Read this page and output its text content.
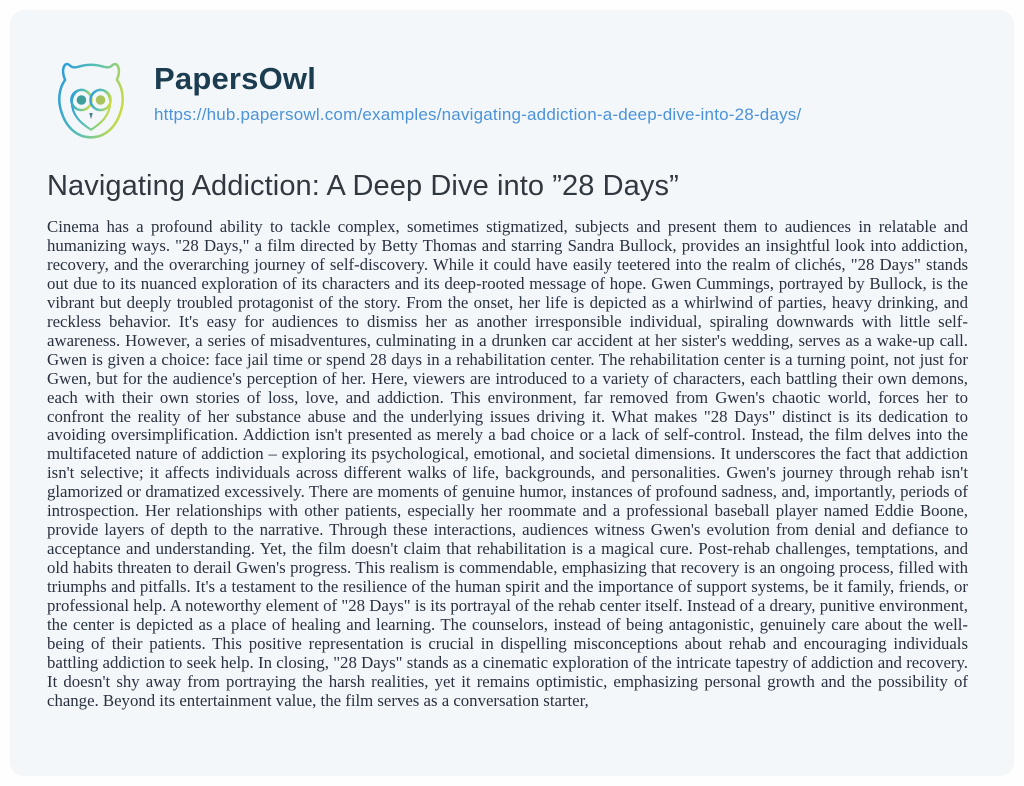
PapersOwl
https://hub.papersowl.com/examples/navigating-addiction-a-deep-dive-into-28-days/
Navigating Addiction: A Deep Dive into ”28 Days”

Cinema has a profound ability to tackle complex, sometimes stigmatized, subjects and present them to audiences in relatable and humanizing ways. "28 Days," a film directed by Betty Thomas and starring Sandra Bullock, provides an insightful look into addiction, recovery, and the overarching journey of self-discovery. While it could have easily teetered into the realm of clichés, "28 Days" stands out due to its nuanced exploration of its characters and its deep-rooted message of hope. Gwen Cummings, portrayed by Bullock, is the vibrant but deeply troubled protagonist of the story. From the onset, her life is depicted as a whirlwind of parties, heavy drinking, and reckless behavior. It's easy for audiences to dismiss her as another irresponsible individual, spiraling downwards with little self-awareness. However, a series of misadventures, culminating in a drunken car accident at her sister's wedding, serves as a wake-up call. Gwen is given a choice: face jail time or spend 28 days in a rehabilitation center. The rehabilitation center is a turning point, not just for Gwen, but for the audience's perception of her. Here, viewers are introduced to a variety of characters, each battling their own demons, each with their own stories of loss, love, and addiction. This environment, far removed from Gwen's chaotic world, forces her to confront the reality of her substance abuse and the underlying issues driving it. What makes "28 Days" distinct is its dedication to avoiding oversimplification. Addiction isn't presented as merely a bad choice or a lack of self-control. Instead, the film delves into the multifaceted nature of addiction – exploring its psychological, emotional, and societal dimensions. It underscores the fact that addiction isn't selective; it affects individuals across different walks of life, backgrounds, and personalities. Gwen's journey through rehab isn't glamorized or dramatized excessively. There are moments of genuine humor, instances of profound sadness, and, importantly, periods of introspection. Her relationships with other patients, especially her roommate and a professional baseball player named Eddie Boone, provide layers of depth to the narrative. Through these interactions, audiences witness Gwen's evolution from denial and defiance to acceptance and understanding. Yet, the film doesn't claim that rehabilitation is a magical cure. Post-rehab challenges, temptations, and old habits threaten to derail Gwen's progress. This realism is commendable, emphasizing that recovery is an ongoing process, filled with triumphs and pitfalls. It's a testament to the resilience of the human spirit and the importance of support systems, be it family, friends, or professional help. A noteworthy element of "28 Days" is its portrayal of the rehab center itself. Instead of a dreary, punitive environment, the center is depicted as a place of healing and learning. The counselors, instead of being antagonistic, genuinely care about the well-being of their patients. This positive representation is crucial in dispelling misconceptions about rehab and encouraging individuals battling addiction to seek help. In closing, "28 Days" stands as a cinematic exploration of the intricate tapestry of addiction and recovery. It doesn't shy away from portraying the harsh realities, yet it remains optimistic, emphasizing personal growth and the possibility of change. Beyond its entertainment value, the film serves as a conversation starter,
